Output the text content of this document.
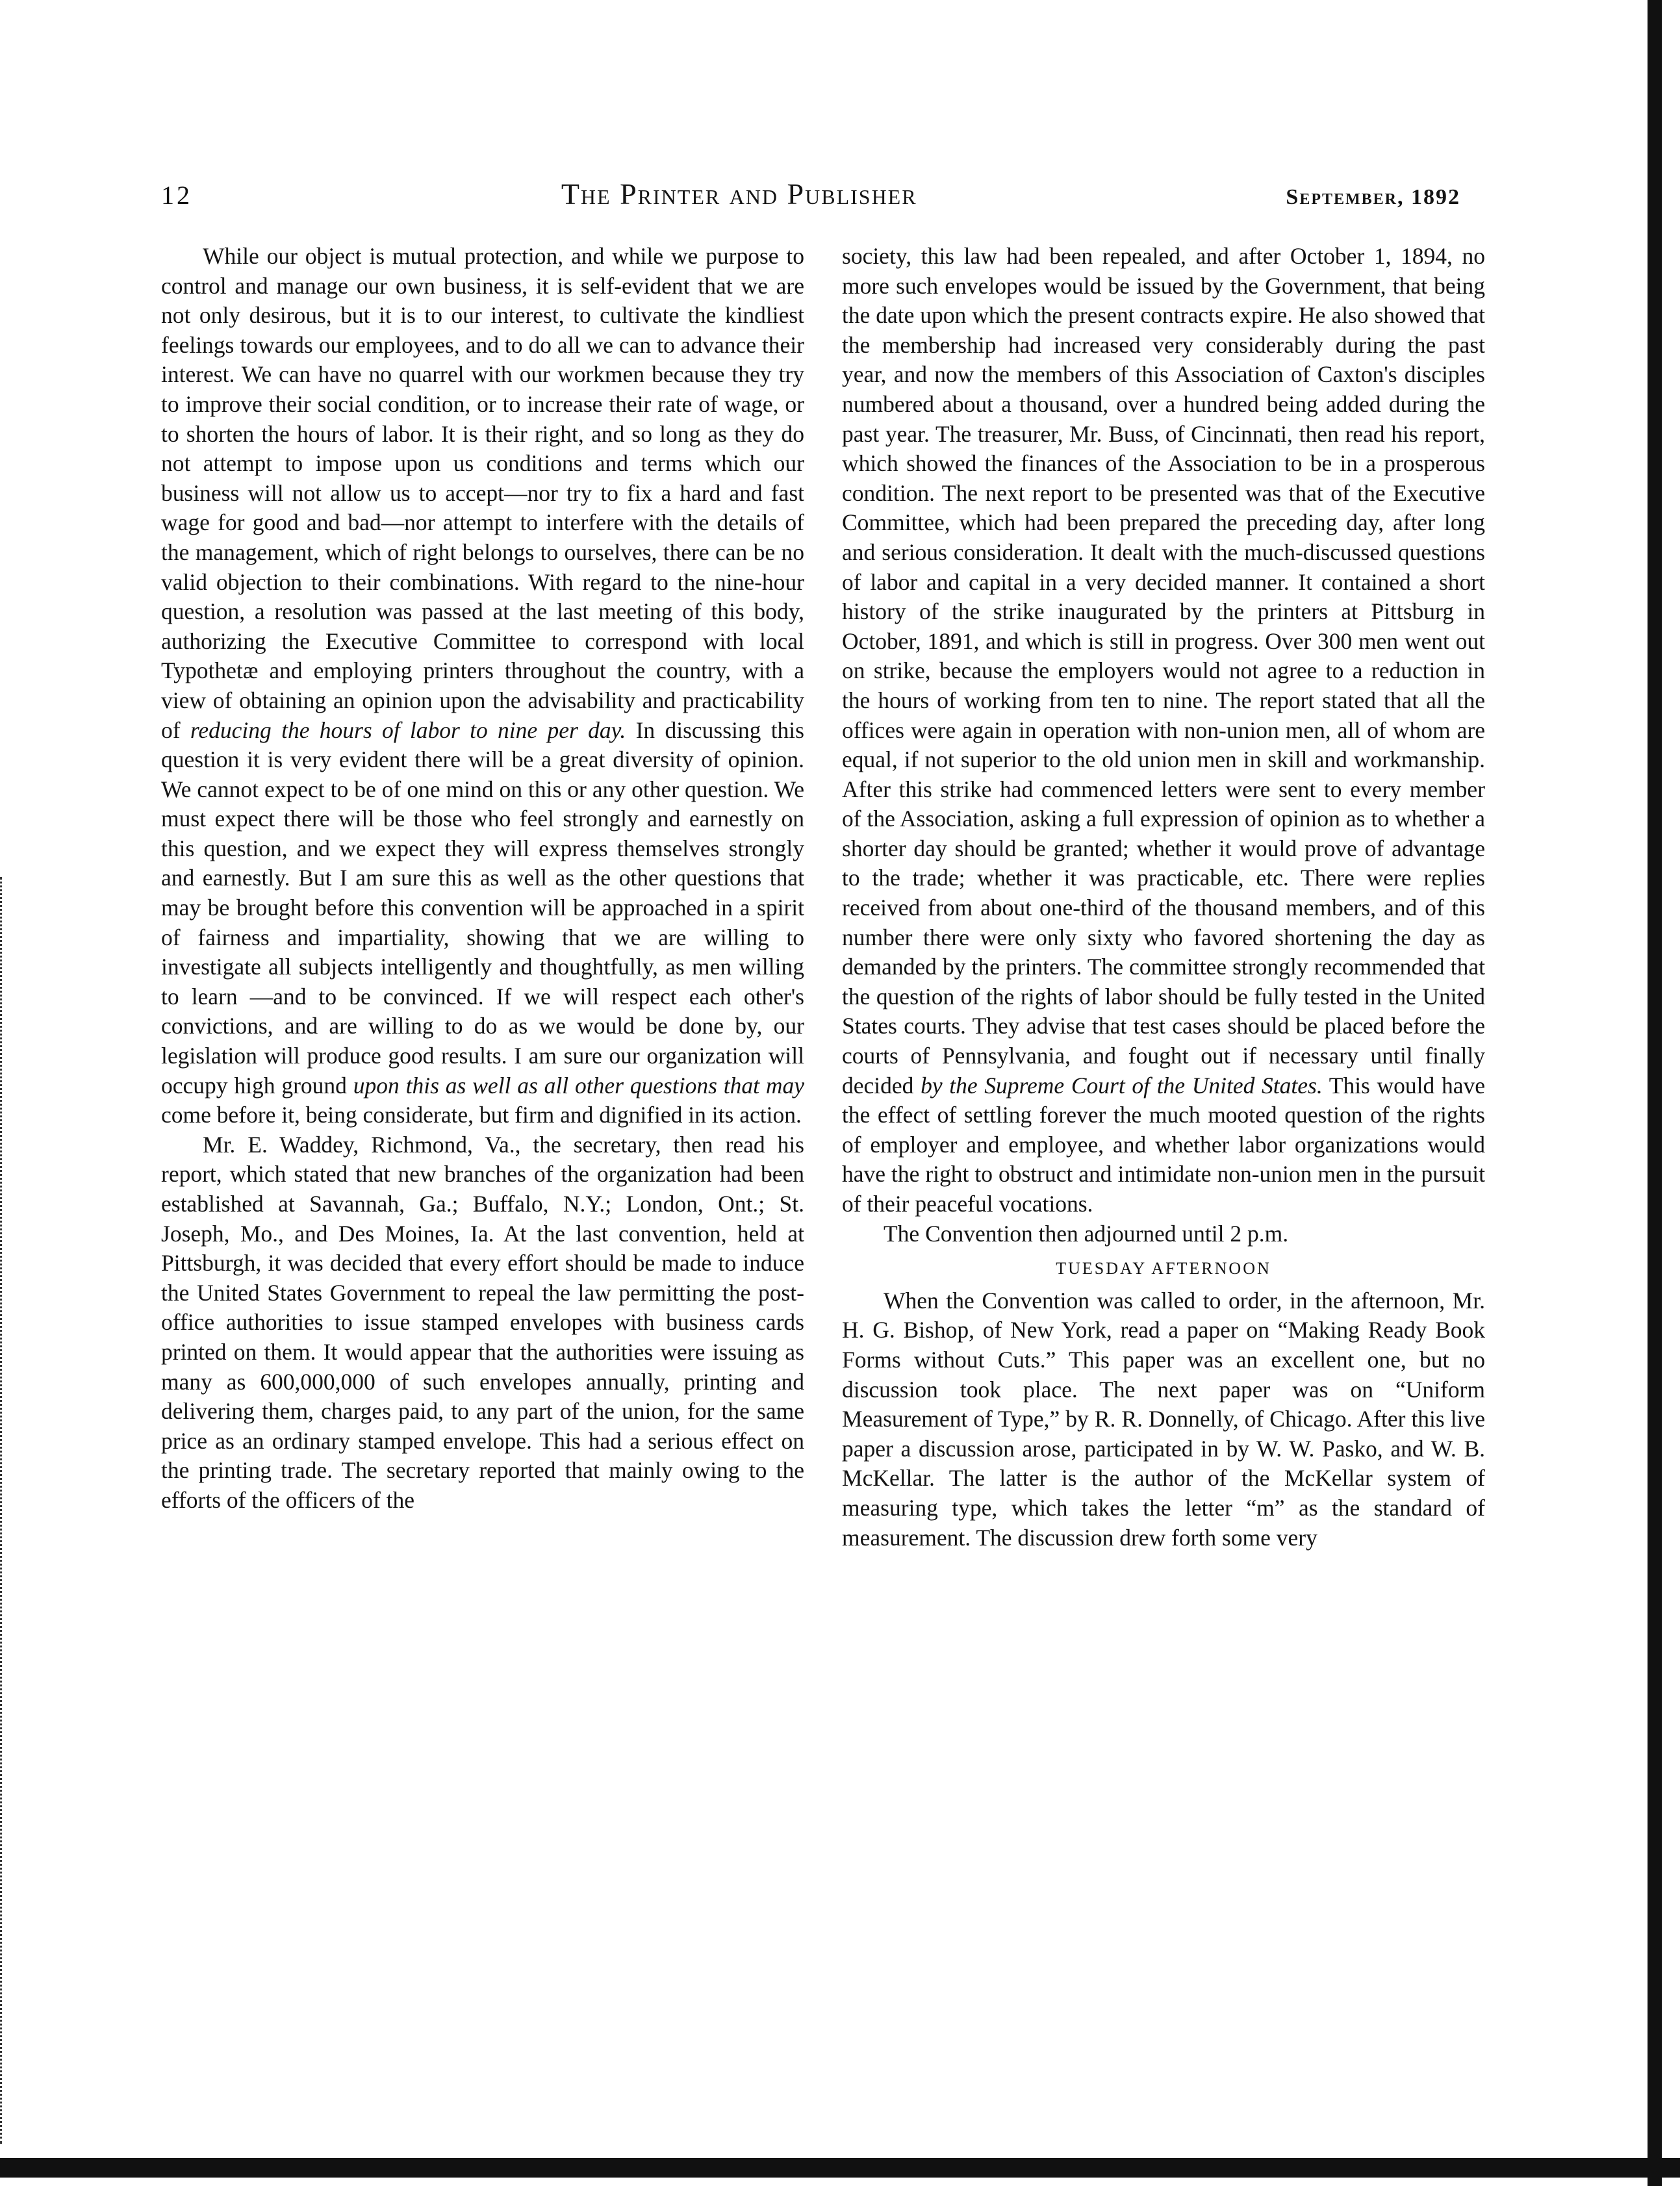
12	The Printer and Publisher	September, 1892

While our object is mutual protection, and while we purpose to control and manage our own business, it is self-evident that we are not only desirous, but it is to our interest, to cultivate the kindliest feelings towards our employees, and to do all we can to advance their interest. We can have no quarrel with our workmen because they try to improve their social condition, or to increase their rate of wage, or to shorten the hours of labor. It is their right, and so long as they do not attempt to impose upon us conditions and terms which our business will not allow us to accept—nor try to fix a hard and fast wage for good and bad—nor attempt to interfere with the details of the management, which of right belongs to ourselves, there can be no valid objection to their combinations. With regard to the nine-hour question, a resolution was passed at the last meeting of this body, authorizing the Executive Committee to correspond with local Typothetæ and employing printers throughout the country, with a view of obtaining an opinion upon the advisability and practicability of reducing the hours of labor to nine per day. In discussing this question it is very evident there will be a great diversity of opinion. We cannot expect to be of one mind on this or any other question. We must expect there will be those who feel strongly and earnestly on this question, and we expect they will express themselves strongly and earnestly. But I am sure this as well as the other questions that may be brought before this convention will be approached in a spirit of fairness and impartiality, showing that we are willing to investigate all subjects intelligently and thoughtfully, as men willing to learn —and to be convinced. If we will respect each other's convictions, and are willing to do as we would be done by, our legislation will produce good results. I am sure our organization will occupy high ground upon this as well as all other questions that may come before it, being considerate, but firm and dignified in its action.

Mr. E. Waddey, Richmond, Va., the secretary, then read his report, which stated that new branches of the organization had been established at Savannah, Ga.; Buffalo, N.Y.; London, Ont.; St. Joseph, Mo., and Des Moines, Ia. At the last convention, held at Pittsburgh, it was decided that every effort should be made to induce the United States Government to repeal the law permitting the post-office authorities to issue stamped envelopes with business cards printed on them. It would appear that the authorities were issuing as many as 600,000,000 of such envelopes annually, printing and delivering them, charges paid, to any part of the union, for the same price as an ordinary stamped envelope. This had a serious effect on the printing trade. The secretary reported that mainly owing to the efforts of the officers of the

society, this law had been repealed, and after October 1, 1894, no more such envelopes would be issued by the Government, that being the date upon which the present contracts expire. He also showed that the membership had increased very considerably during the past year, and now the members of this Association of Caxton's disciples numbered about a thousand, over a hundred being added during the past year. The treasurer, Mr. Buss, of Cincinnati, then read his report, which showed the finances of the Association to be in a prosperous condition. The next report to be presented was that of the Executive Committee, which had been prepared the preceding day, after long and serious consideration. It dealt with the much-discussed questions of labor and capital in a very decided manner. It contained a short history of the strike inaugurated by the printers at Pittsburg in October, 1891, and which is still in progress. Over 300 men went out on strike, because the employers would not agree to a reduction in the hours of working from ten to nine. The report stated that all the offices were again in operation with non-union men, all of whom are equal, if not superior to the old union men in skill and workmanship. After this strike had commenced letters were sent to every member of the Association, asking a full expression of opinion as to whether a shorter day should be granted; whether it would prove of advantage to the trade; whether it was practicable, etc. There were replies received from about one-third of the thousand members, and of this number there were only sixty who favored shortening the day as demanded by the printers. The committee strongly recommended that the question of the rights of labor should be fully tested in the United States courts. They advise that test cases should be placed before the courts of Pennsylvania, and fought out if necessary until finally decided by the Supreme Court of the United States. This would have the effect of settling forever the much mooted question of the rights of employer and employee, and whether labor organizations would have the right to obstruct and intimidate non-union men in the pursuit of their peaceful vocations.

The Convention then adjourned until 2 p.m.

TUESDAY AFTERNOON

When the Convention was called to order, in the afternoon, Mr. H. G. Bishop, of New York, read a paper on “Making Ready Book Forms without Cuts.” This paper was an excellent one, but no discussion took place. The next paper was on “Uniform Measurement of Type,” by R. R. Donnelly, of Chicago. After this live paper a discussion arose, participated in by W. W. Pasko, and W. B. McKellar. The latter is the author of the McKellar system of measuring type, which takes the letter “m” as the standard of measurement. The discussion drew forth some very
